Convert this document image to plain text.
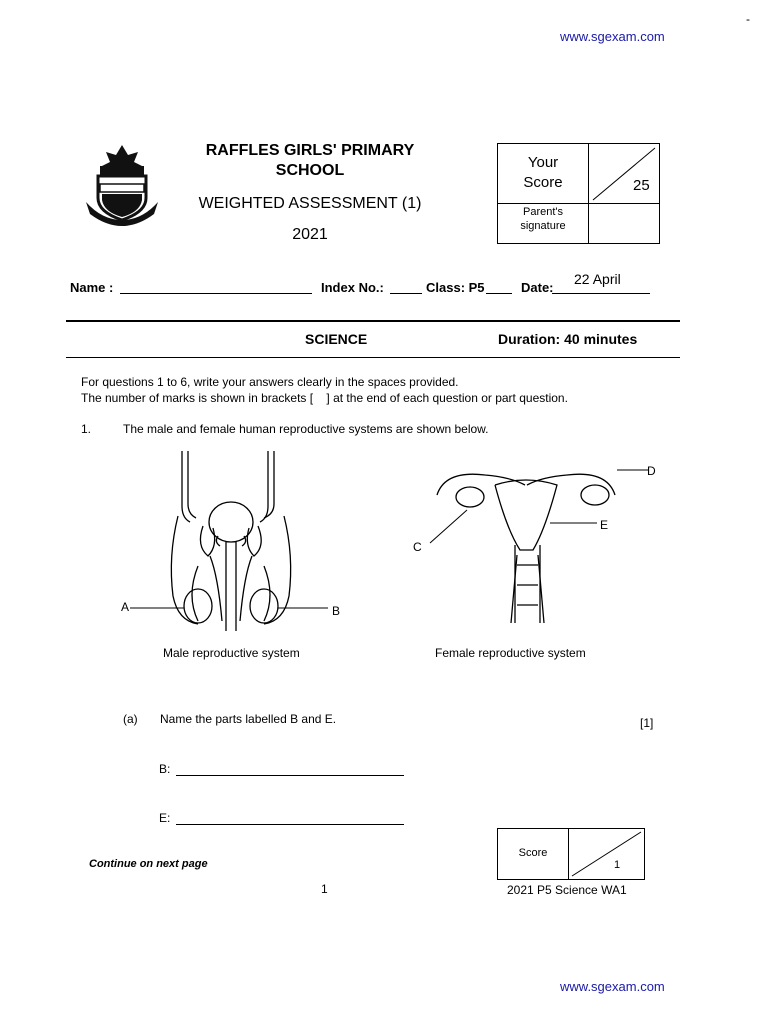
www.sgexam.com
-
RAFFLES GIRLS' PRIMARY
SCHOOL
WEIGHTED ASSESSMENT (1)
2021
Your
Score	25
Parent's
signature
Name :	Index No.:	Class: P5	Date:
22 April
SCIENCE	Duration: 40 minutes
For questions 1 to 6, write your answers clearly in the spaces provided.
The number of marks is shown in brackets [    ] at the end of each question or part question.
1.	The male and female human reproductive systems are shown below.
A	B
D
E
C
Male reproductive system	Female reproductive system
(a) Name the parts labelled B and E.	[1]
B:
E:
Continue on next page
1
Score
1
2021 P5 Science WA1
www.sgexam.com
